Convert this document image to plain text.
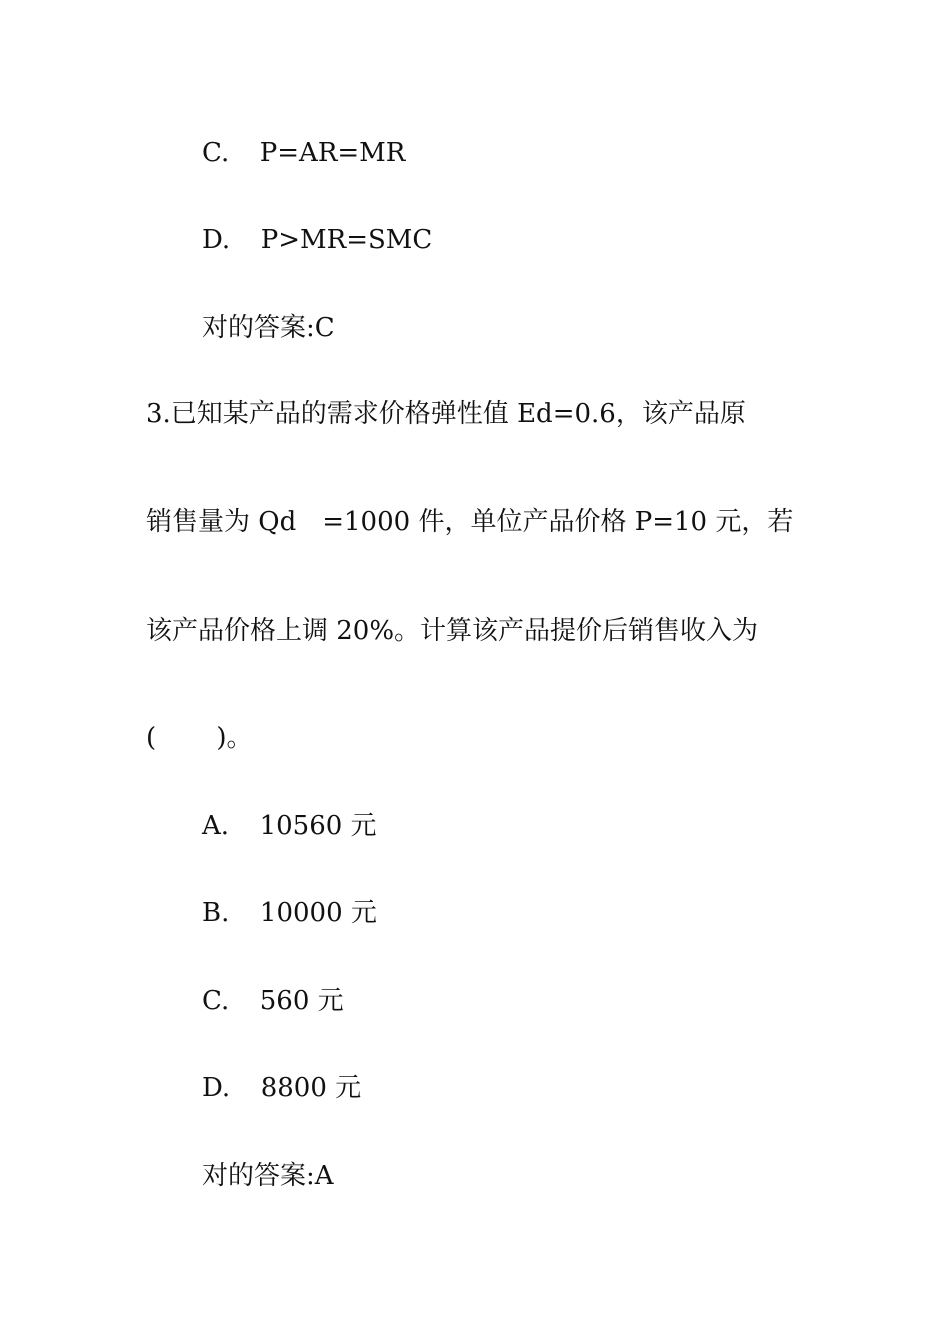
C. P=AR=MR
D. P>MR=SMC
对的答案:C
3.已知某产品的需求价格弹性值 Ed=0.6，该产品原
销售量为 Qd　=1000 件，单位产品价格 P=10 元，若
该产品价格上调 20%。计算该产品提价后销售收入为
(　　 )。
A. 10560 元
B. 10000 元
C. 560 元
D. 8800 元
对的答案:A
